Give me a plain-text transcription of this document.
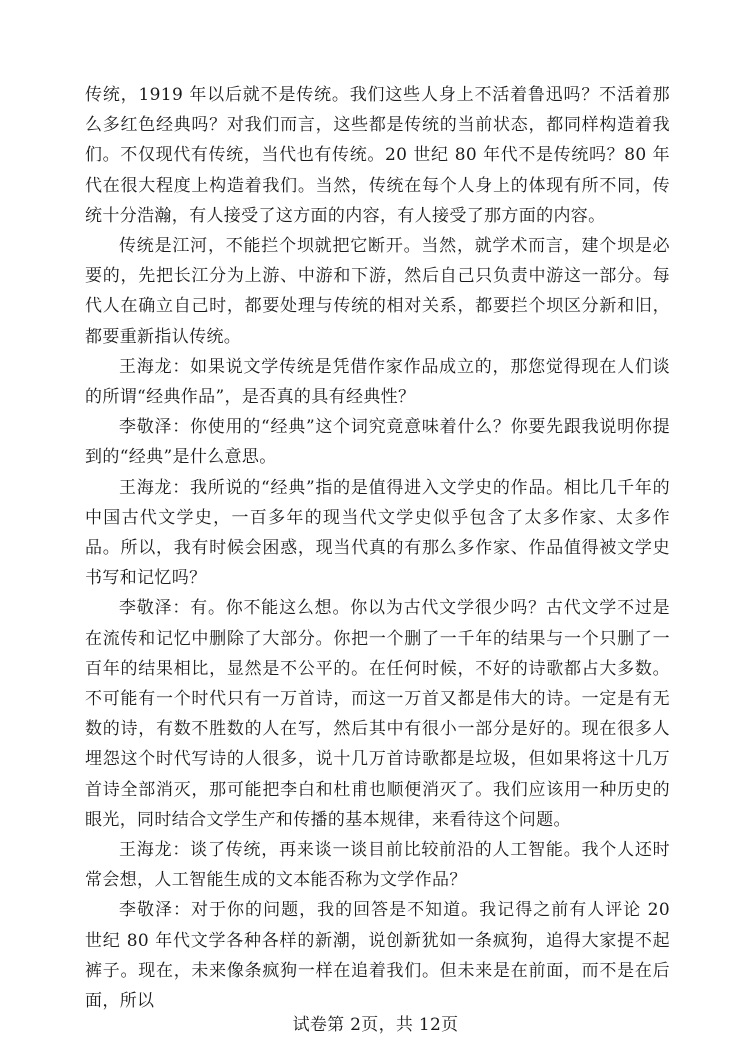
传统，1919 年以后就不是传统。我们这些人身上不活着鲁迅吗？不活着那么多红色经典吗？对我们而言，这些都是传统的当前状态，都同样构造着我们。不仅现代有传统，当代也有传统。20 世纪 80 年代不是传统吗？80 年代在很大程度上构造着我们。当然，传统在每个人身上的体现有所不同，传统十分浩瀚，有人接受了这方面的内容，有人接受了那方面的内容。

传统是江河，不能拦个坝就把它断开。当然，就学术而言，建个坝是必要的，先把长江分为上游、中游和下游，然后自己只负责中游这一部分。每代人在确立自己时，都要处理与传统的相对关系，都要拦个坝区分新和旧，都要重新指认传统。

王海龙：如果说文学传统是凭借作家作品成立的，那您觉得现在人们谈的所谓“经典作品”，是否真的具有经典性？

李敬泽：你使用的“经典”这个词究竟意味着什么？你要先跟我说明你提到的“经典”是什么意思。

王海龙：我所说的“经典”指的是值得进入文学史的作品。相比几千年的中国古代文学史，一百多年的现当代文学史似乎包含了太多作家、太多作品。所以，我有时候会困惑，现当代真的有那么多作家、作品值得被文学史书写和记忆吗？

李敬泽：有。你不能这么想。你以为古代文学很少吗？古代文学不过是在流传和记忆中删除了大部分。你把一个删了一千年的结果与一个只删了一百年的结果相比，显然是不公平的。在任何时候，不好的诗歌都占大多数。不可能有一个时代只有一万首诗，而这一万首又都是伟大的诗。一定是有无数的诗，有数不胜数的人在写，然后其中有很小一部分是好的。现在很多人埋怨这个时代写诗的人很多，说十几万首诗歌都是垃圾，但如果将这十几万首诗全部消灭，那可能把李白和杜甫也顺便消灭了。我们应该用一种历史的眼光，同时结合文学生产和传播的基本规律，来看待这个问题。

王海龙：谈了传统，再来谈一谈目前比较前沿的人工智能。我个人还时常会想，人工智能生成的文本能否称为文学作品？

李敬泽：对于你的问题，我的回答是不知道。我记得之前有人评论 20 世纪 80 年代文学各种各样的新潮，说创新犹如一条疯狗，追得大家提不起裤子。现在，未来像条疯狗一样在追着我们。但未来是在前面，而不是在后面，所以

试卷第 2页，共 12页
